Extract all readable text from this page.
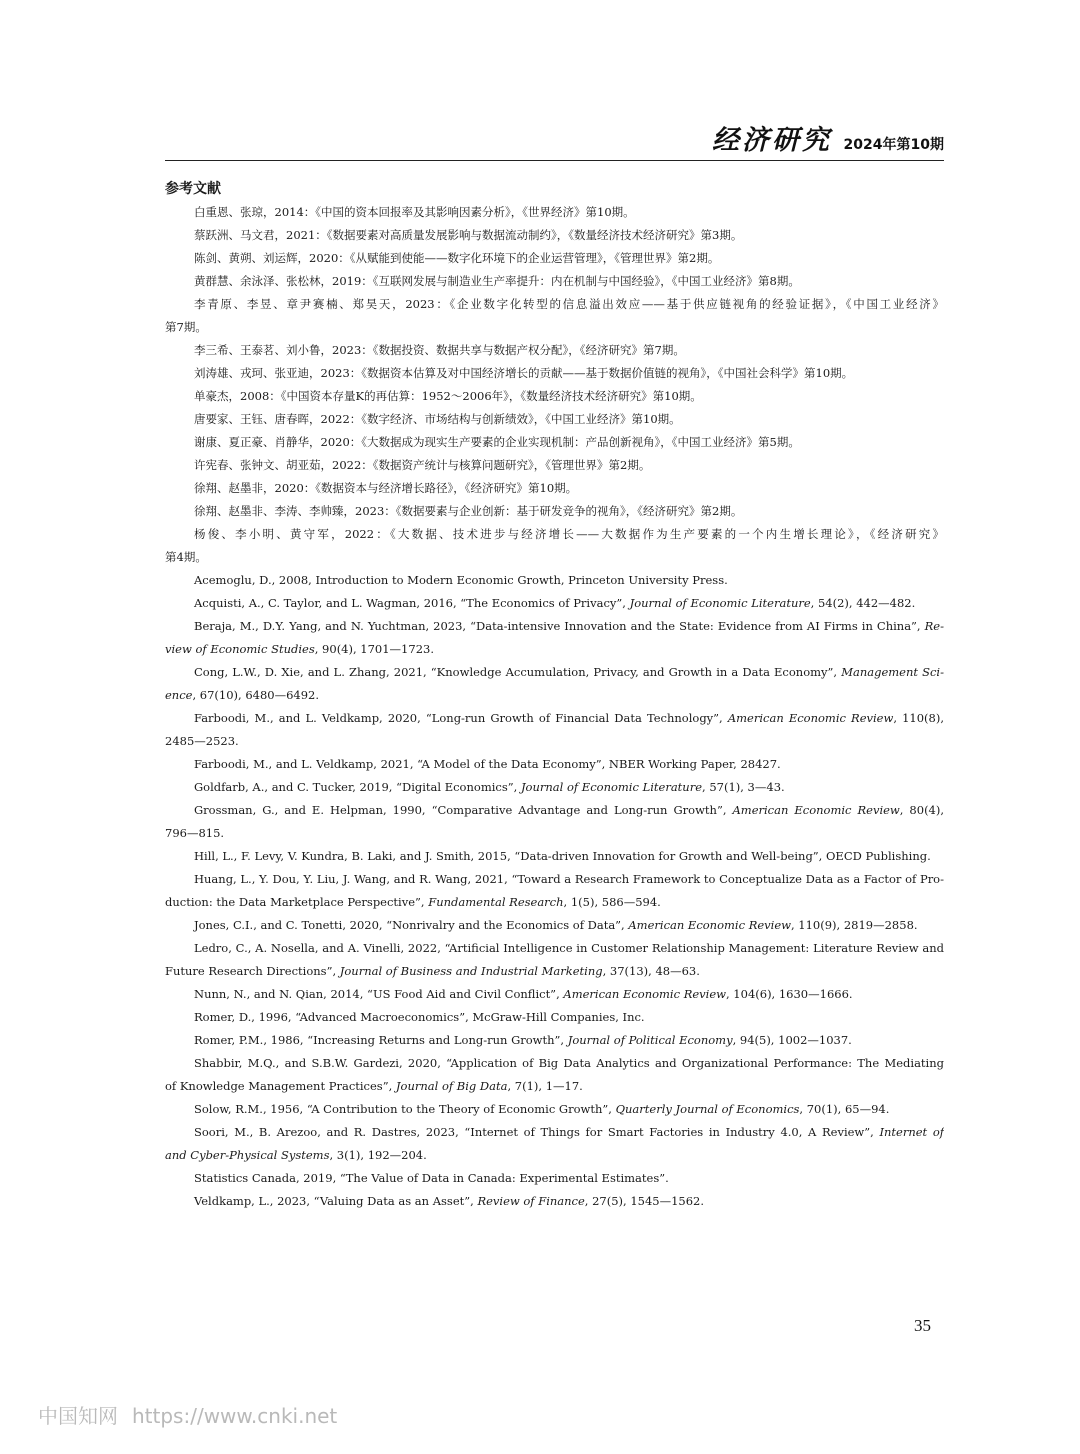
经济研究 2024年第10期
参考文献

白重恩、张琼，2014：《中国的资本回报率及其影响因素分析》，《世界经济》第10期。

蔡跃洲、马文君，2021：《数据要素对高质量发展影响与数据流动制约》，《数量经济技术经济研究》第3期。

陈剑、黄朔、刘运辉，2020：《从赋能到使能——数字化环境下的企业运营管理》，《管理世界》第2期。

黄群慧、余泳泽、张松林，2019：《互联网发展与制造业生产率提升：内在机制与中国经验》，《中国工业经济》第8期。

李青原、李昱、章尹赛楠、郑昊天，2023：《企业数字化转型的信息溢出效应——基于供应链视角的经验证据》，《中国工业经济》
第7期。

李三希、王泰茗、刘小鲁，2023：《数据投资、数据共享与数据产权分配》，《经济研究》第7期。

刘涛雄、戎珂、张亚迪，2023：《数据资本估算及对中国经济增长的贡献——基于数据价值链的视角》，《中国社会科学》第10期。

单豪杰，2008：《中国资本存量K的再估算：1952～2006年》，《数量经济技术经济研究》第10期。

唐要家、王钰、唐春晖，2022：《数字经济、市场结构与创新绩效》，《中国工业经济》第10期。

谢康、夏正豪、肖静华，2020：《大数据成为现实生产要素的企业实现机制：产品创新视角》，《中国工业经济》第5期。

许宪春、张钟文、胡亚茹，2022：《数据资产统计与核算问题研究》，《管理世界》第2期。

徐翔、赵墨非，2020：《数据资本与经济增长路径》，《经济研究》第10期。

徐翔、赵墨非、李涛、李帅臻，2023：《数据要素与企业创新：基于研发竞争的视角》，《经济研究》第2期。

杨俊、李小明、黄守军，2022：《大数据、技术进步与经济增长——大数据作为生产要素的一个内生增长理论》，《经济研究》
第4期。

Acemoglu, D., 2008, Introduction to Modern Economic Growth, Princeton University Press.

Acquisti, A., C. Taylor, and L. Wagman, 2016, “The Economics of Privacy”, Journal of Economic Literature, 54(2), 442—482.

Beraja, M., D.Y. Yang, and N. Yuchtman, 2023, “Data-intensive Innovation and the State: Evidence from AI Firms in China”, Re-
view of Economic Studies, 90(4), 1701—1723.

Cong, L.W., D. Xie, and L. Zhang, 2021, “Knowledge Accumulation, Privacy, and Growth in a Data Economy”, Management Sci-
ence, 67(10), 6480—6492.

Farboodi, M., and L. Veldkamp, 2020, “Long-run Growth of Financial Data Technology”, American Economic Review, 110(8),
2485—2523.

Farboodi, M., and L. Veldkamp, 2021, “A Model of the Data Economy”, NBER Working Paper, 28427.

Goldfarb, A., and C. Tucker, 2019, “Digital Economics”, Journal of Economic Literature, 57(1), 3—43.

Grossman, G., and E. Helpman, 1990, “Comparative Advantage and Long-run Growth”, American Economic Review, 80(4),
796—815.

Hill, L., F. Levy, V. Kundra, B. Laki, and J. Smith, 2015, “Data-driven Innovation for Growth and Well-being”, OECD Publishing.

Huang, L., Y. Dou, Y. Liu, J. Wang, and R. Wang, 2021, “Toward a Research Framework to Conceptualize Data as a Factor of Pro-
duction: the Data Marketplace Perspective”, Fundamental Research, 1(5), 586—594.

Jones, C.I., and C. Tonetti, 2020, “Nonrivalry and the Economics of Data”, American Economic Review, 110(9), 2819—2858.

Ledro, C., A. Nosella, and A. Vinelli, 2022, “Artificial Intelligence in Customer Relationship Management: Literature Review and
Future Research Directions”, Journal of Business and Industrial Marketing, 37(13), 48—63.

Nunn, N., and N. Qian, 2014, “US Food Aid and Civil Conflict”, American Economic Review, 104(6), 1630—1666.

Romer, D., 1996, “Advanced Macroeconomics”, McGraw-Hill Companies, Inc.

Romer, P.M., 1986, “Increasing Returns and Long-run Growth”, Journal of Political Economy, 94(5), 1002—1037.

Shabbir, M.Q., and S.B.W. Gardezi, 2020, “Application of Big Data Analytics and Organizational Performance: The Mediating
of Knowledge Management Practices”, Journal of Big Data, 7(1), 1—17.

Solow, R.M., 1956, “A Contribution to the Theory of Economic Growth”, Quarterly Journal of Economics, 70(1), 65—94.

Soori, M., B. Arezoo, and R. Dastres, 2023, “Internet of Things for Smart Factories in Industry 4.0, A Review”, Internet of
and Cyber-Physical Systems, 3(1), 192—204.

Statistics Canada, 2019, “The Value of Data in Canada: Experimental Estimates”.

Veldkamp, L., 2023, “Valuing Data as an Asset”, Review of Finance, 27(5), 1545—1562.

35
中国知网 https://www.cnki.net
